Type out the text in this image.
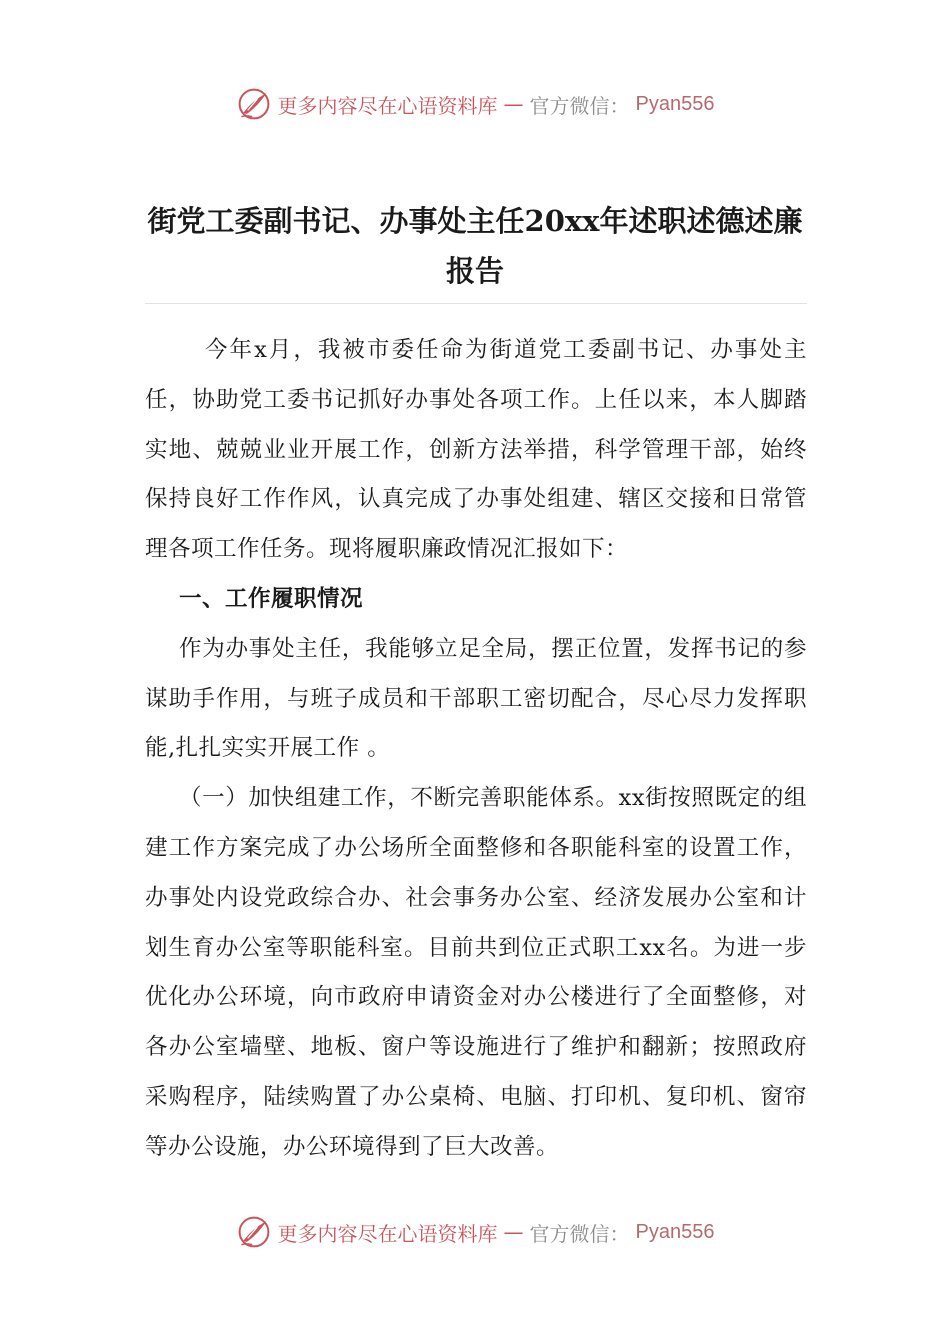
更多内容尽在心语资料库 — 官方微信： Pyan556
街党工委副书记、办事处主任20xx年述职述德述廉报告

今年x月，我被市委任命为街道党工委副书记、办事处主任，协助党工委书记抓好办事处各项工作。上任以来，本人脚踏实地、兢兢业业开展工作，创新方法举措，科学管理干部，始终保持良好工作作风，认真完成了办事处组建、辖区交接和日常管理各项工作任务。现将履职廉政情况汇报如下：

一、工作履职情况

作为办事处主任，我能够立足全局，摆正位置，发挥书记的参谋助手作用，与班子成员和干部职工密切配合，尽心尽力发挥职能,扎扎实实开展工作 。

（一）加快组建工作，不断完善职能体系。xx街按照既定的组建工作方案完成了办公场所全面整修和各职能科室的设置工作，办事处内设党政综合办、社会事务办公室、经济发展办公室和计划生育办公室等职能科室。目前共到位正式职工xx名。为进一步优化办公环境，向市政府申请资金对办公楼进行了全面整修，对各办公室墙壁、地板、窗户等设施进行了维护和翻新；按照政府采购程序，陆续购置了办公桌椅、电脑、打印机、复印机、窗帘等办公设施，办公环境得到了巨大改善。

更多内容尽在心语资料库 — 官方微信： Pyan556
